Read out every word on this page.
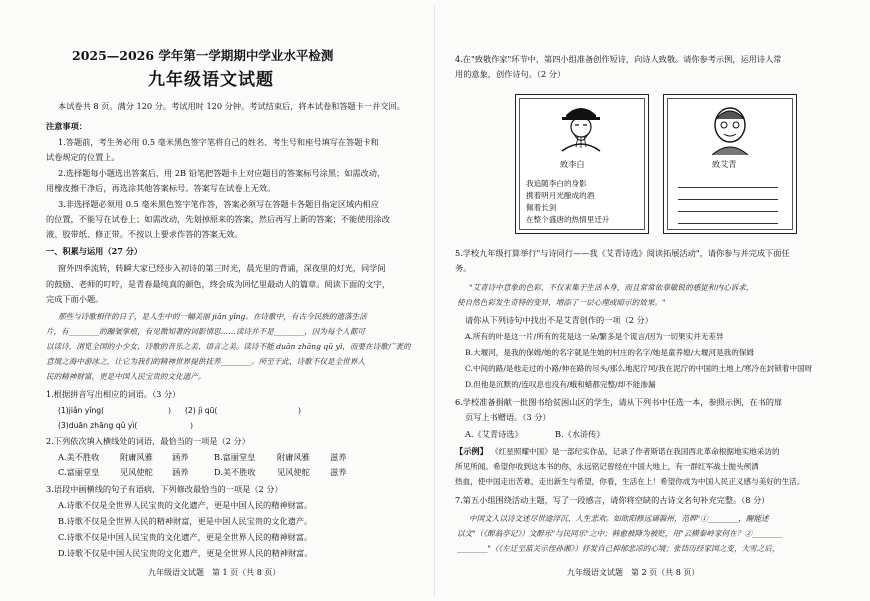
2025—2026 学年第一学期期中学业水平检测
九年级语文试题
本试卷共 8 页。满分 120 分。考试用时 120 分钟。考试结束后，将本试卷和答题卡一并交回。
注意事项：
1.答题前，考生务必用 0.5 毫米黑色签字笔将自己的姓名、考生号和座号填写在答题卡和
试卷规定的位置上。
2.选择题每小题选出答案后，用 2B 铅笔把答题卡上对应题目的答案标号涂黑；如需改动，
用橡皮擦干净后，再选涂其他答案标号。答案写在试卷上无效。
3.非选择题必须用 0.5 毫米黑色签字笔作答，答案必须写在答题卡各题目指定区域内相应
的位置，不能写在试卷上；如需改动，先划掉原来的答案，然后再写上新的答案；不能使用涂改
液、胶带纸、修正带。不按以上要求作答的答案无效。
一、积累与运用（27 分）
窗外四季流转，转瞬大家已经步入初诗的第三时光，晨光里的背诵，深夜里的灯光，同学间
的鼓励、老师的叮咛，是青春最纯真的颜色，终会成为回忆里最动人的篇章。阅读下面的文字，
完成下面小题。
那些与诗歌相伴的日子，是人生中的一幅美丽 jiǎn yǐng。在诗歌中，有古今民族的遗落生活
片，有________的蹦皱挲痕，有见微知著的词影情思……读诗并不是________，因为每个人都可
以读诗，浏览全国的小少女，诗歌的音乐之美、语言之美。读诗不能 duān zhāng qǔ yì，而要在诗歌广袤的
意境之海中游冰之，让它为我们的精神世界提供抚养________。所至于此，诗歌不仅是全世界人
民的精神财富，更是中国人民宝贵的文化遗产。
1.根据拼音写出相应的词语。（3 分）
(1)jiǎn yǐng(	) (2) jì qū(	)
(3)duān zhāng qǔ yì(	)
2.下列依次填入横线处的词语，最恰当的一项是（2 分）
A.美不胜收	附庸风雅 涵养	B.富丽堂皇	附庸风雅 滋养
C.富丽堂皇	见风使舵 涵养	D.美不胜收	见风使舵 滋养
3.语段中画横线的句子有语病，下列修改最恰当的一项是（2 分）
A.诗歌不仅是全世界人民宝贵的文化遗产，更是中国人民的精神财富。
B.诗歌不仅是全世界人民的精神财富，更是中国人民宝贵的文化遗产。
C.诗歌不仅是中国人民宝贵的文化遗产，更是全世界人民的精神财富。
D.诗歌不仅是中国人民宝贵的文化遗产，更是全世界人民的精神财富。
九年级语文试题　第 1 页（共 8 页）
4.在"致敬作家"环节中，第四小组准备创作短诗，向诗人致敬。请你参考示例，运用诗人常
用的意象，创作诗句。（2 分）
致李白
我追随李白的身影
携着明月光酿成的酒
佩着长剑
在整个盛唐的热情里迁升
致艾青
5.学校九年级打算举行"与诗同行——我《艾青诗选》阅读拓展活动"，请你参与并完成下面任
务。
"艾青诗中意象的色彩，不仅来集于生活本身，而且常常依靠敏锐的感觉和内心诉求，
使自然色彩发生奇特的变异，增添了一层心理或暗示的效果。"
请你从下列诗句中找出不是艾青创作的一项（2 分）
A.所有的叶是这一片/所有的花是这一朵/繁多是个谎言/因为一切果实并无差异
B.大堰河，是我的保姆/她的名字就是生她的村庄的名字/她是童养媳/大堰河是我的保姆
C.中间的路/是他走过的小路/伸在路的尽头/那么地泥泞坷/我在泥泞的中国的土地上/寒冷在封锁着中国呀
D.但他是沉默的/连叹息也没有/蛾和蜡都完整/却不能渗漏
6.学校准备捐献一批图书给贫困山区的学生，请从下列书中任选一本，参照示例，在书的扉
页写上书赠语。（3 分）
A.《艾青诗选》	B.《水浒传》
【示例】 《红星照耀中国》是一部纪实作品，记录了作者斯诺在我国西北革命根据地实地采访的
所见所闻。希望你收到这本书的你，永远铭记曾经在中国大地上，有一群红军战士抛头颅洒
热血，使中国走出苦难，走出新生与希望，你看，生活在上！希望你成为中国人民正义感与美好的生活。
7.第五小组围绕活动主题，写了一段感言，请你将空缺的古诗文名句补充完整。（8 分）
中国文人以诗文述尽世途浮沉、人生悲欢。如欧阳修远谪滁州，范晔"①________，醒能述
以文"（《醉翁亭记》）文醉乐"与民同乐"之中；韩愈被降为被贬，用"云横秦岭家何在？②________
________"（《左迁至蓝关示侄孙湘》）抒发自己抑郁悲凉的心境；张岱历经家国之变，大雪之后，
九年级语文试题　第 2 页（共 8 页）
